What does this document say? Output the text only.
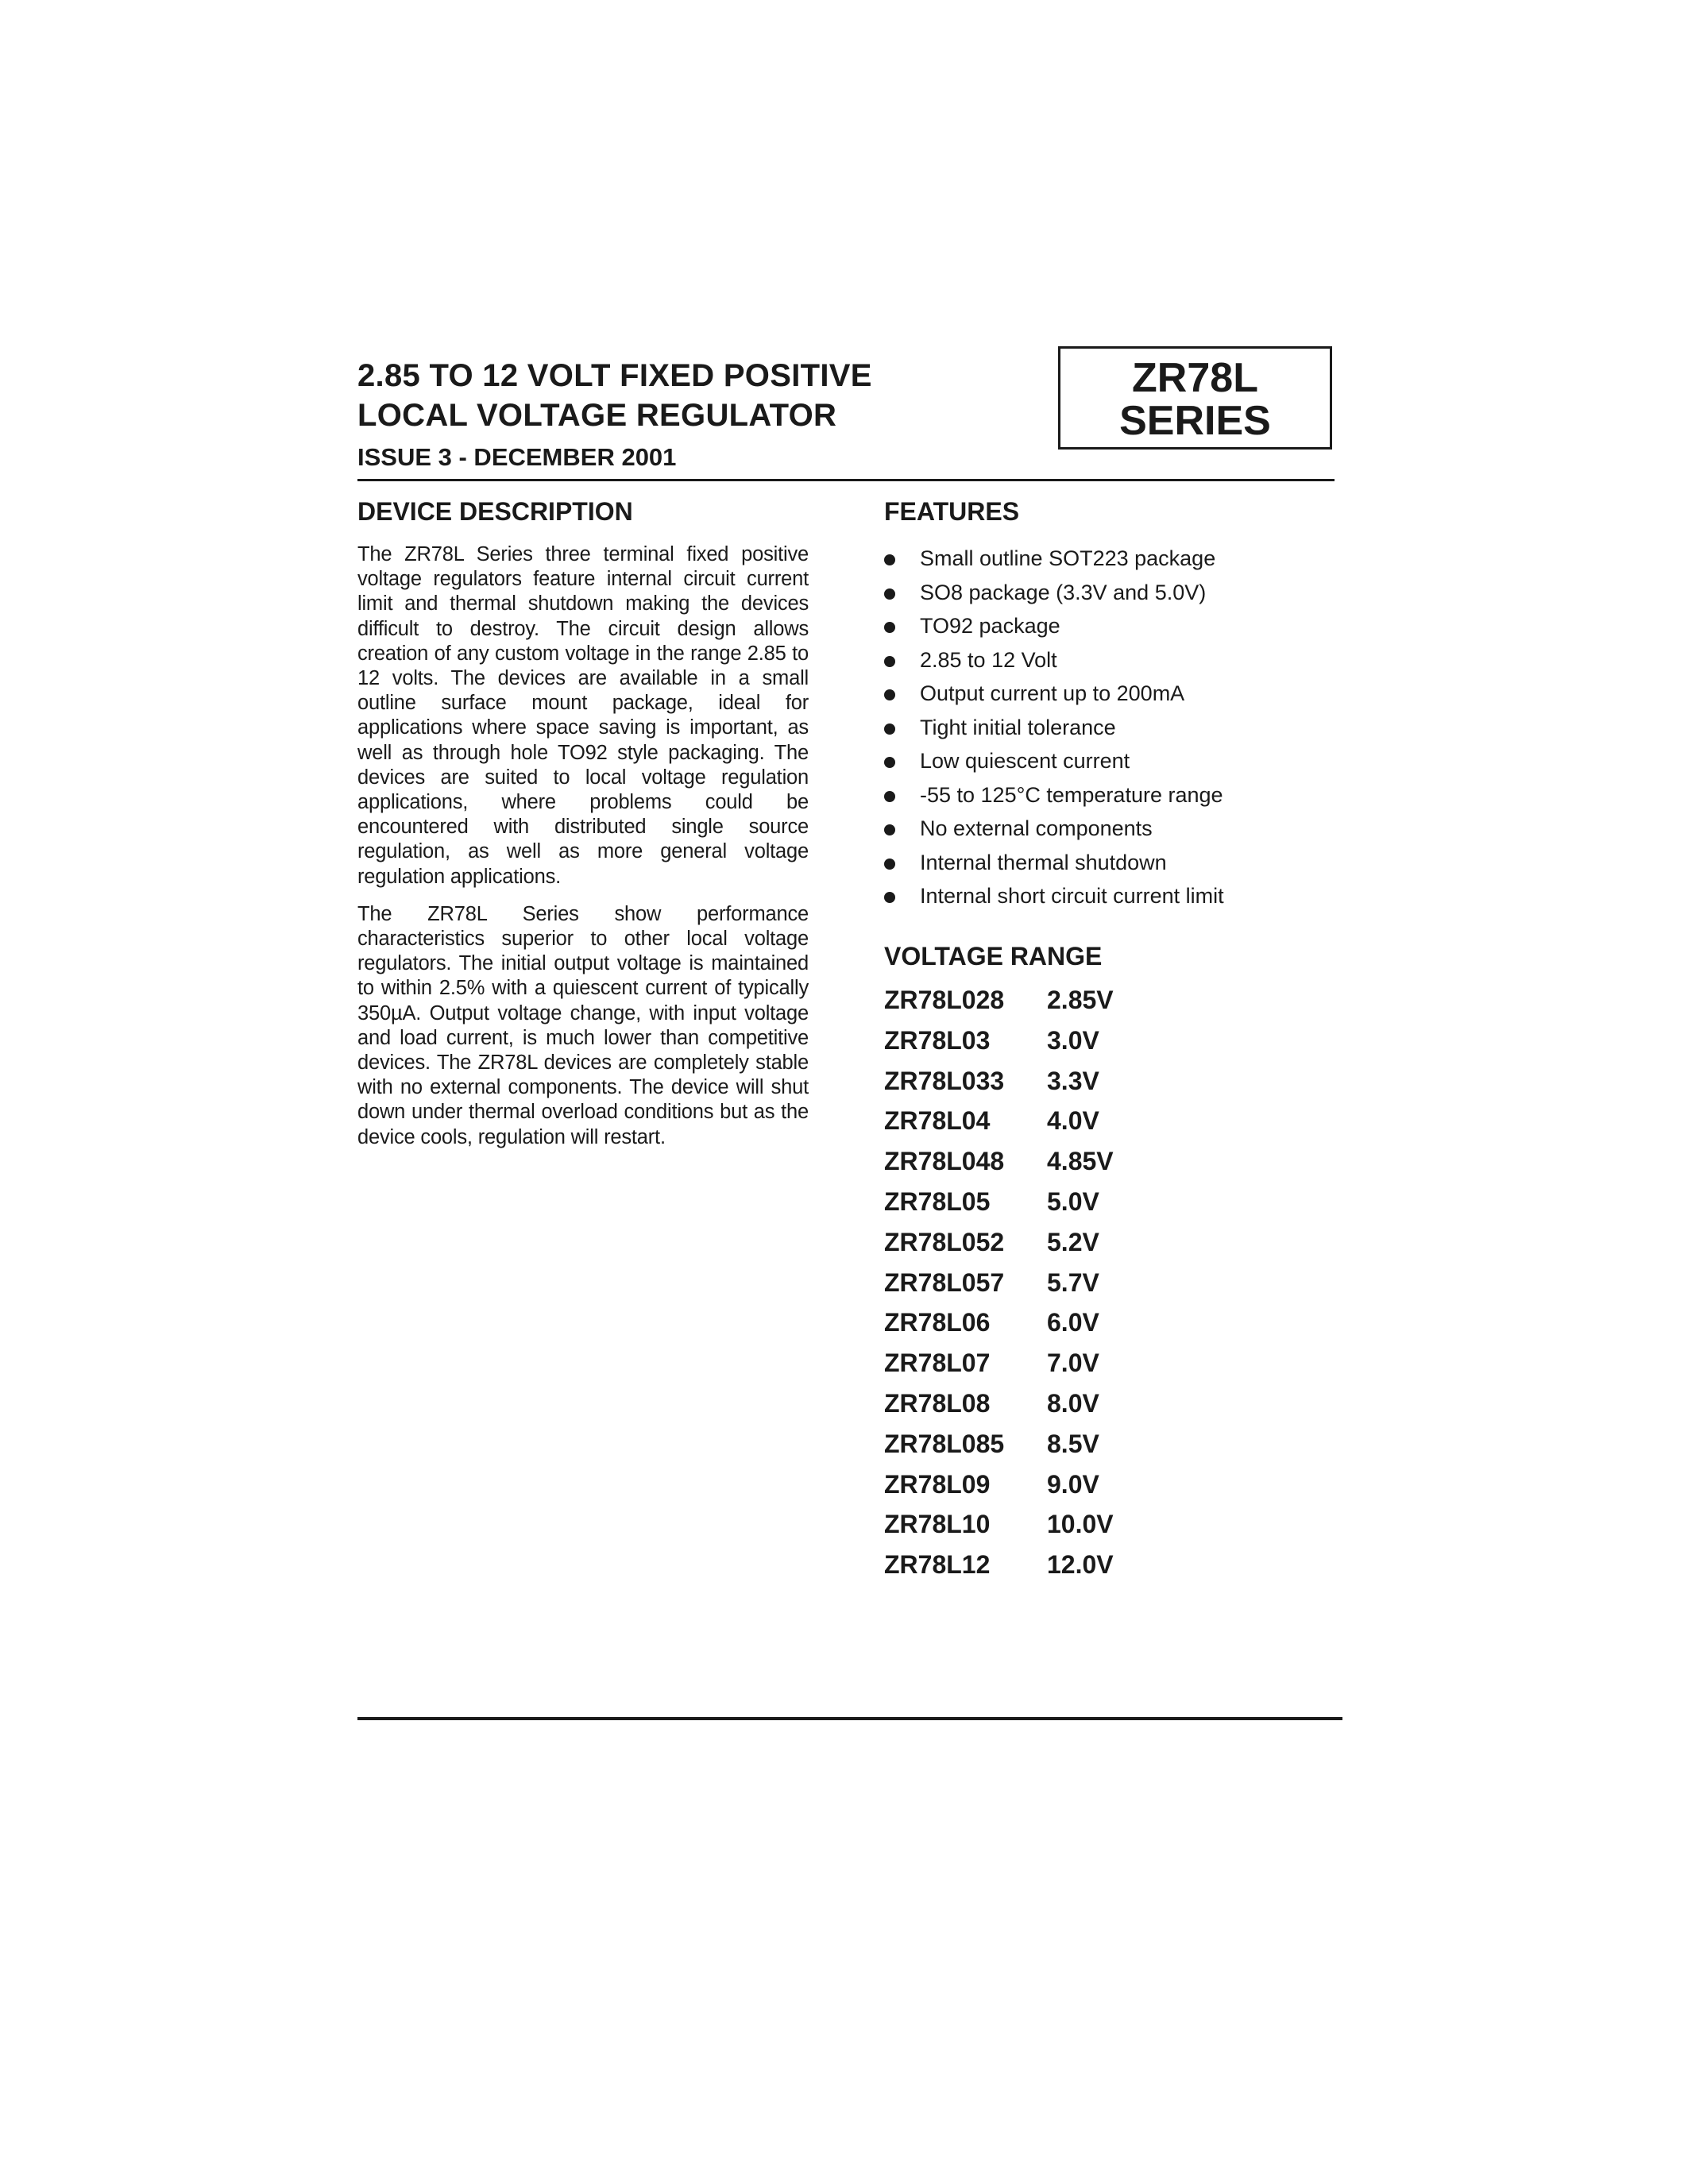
2.85 TO 12 VOLT FIXED POSITIVE
LOCAL VOLTAGE REGULATOR
ISSUE 3 - DECEMBER 2001
ZR78L
SERIES
DEVICE DESCRIPTION

The ZR78L Series three terminal fixed positive voltage regulators feature internal circuit current limit and thermal shutdown making the devices difficult to destroy. The circuit design allows creation of any custom voltage in the range 2.85 to 12 volts. The devices are available in a small outline surface mount package, ideal for applications where space saving is important, as well as through hole TO92 style packaging. The devices are suited to local voltage regulation applications, where problems could be encountered with distributed single source regulation, as well as more general voltage regulation applications.

The ZR78L Series show performance characteristics superior to other local voltage regulators. The initial output voltage is maintained to within 2.5% with a quiescent current of typically 350µA. Output voltage change, with input voltage and load current, is much lower than competitive devices. The ZR78L devices are completely stable with no external components. The device will shut down under thermal overload conditions but as the device cools, regulation will restart.

FEATURES
Small outline SOT223 package
SO8 package (3.3V and 5.0V)
TO92 package
2.85 to 12 Volt
Output current up to 200mA
Tight initial tolerance
Low quiescent current
-55 to 125°C temperature range
No external components
Internal thermal shutdown
Internal short circuit current limit
VOLTAGE RANGE
ZR78L028	2.85V
ZR78L03	3.0V
ZR78L033	3.3V
ZR78L04	4.0V
ZR78L048	4.85V
ZR78L05	5.0V
ZR78L052	5.2V
ZR78L057	5.7V
ZR78L06	6.0V
ZR78L07	7.0V
ZR78L08	8.0V
ZR78L085	8.5V
ZR78L09	9.0V
ZR78L10	10.0V
ZR78L12	12.0V
